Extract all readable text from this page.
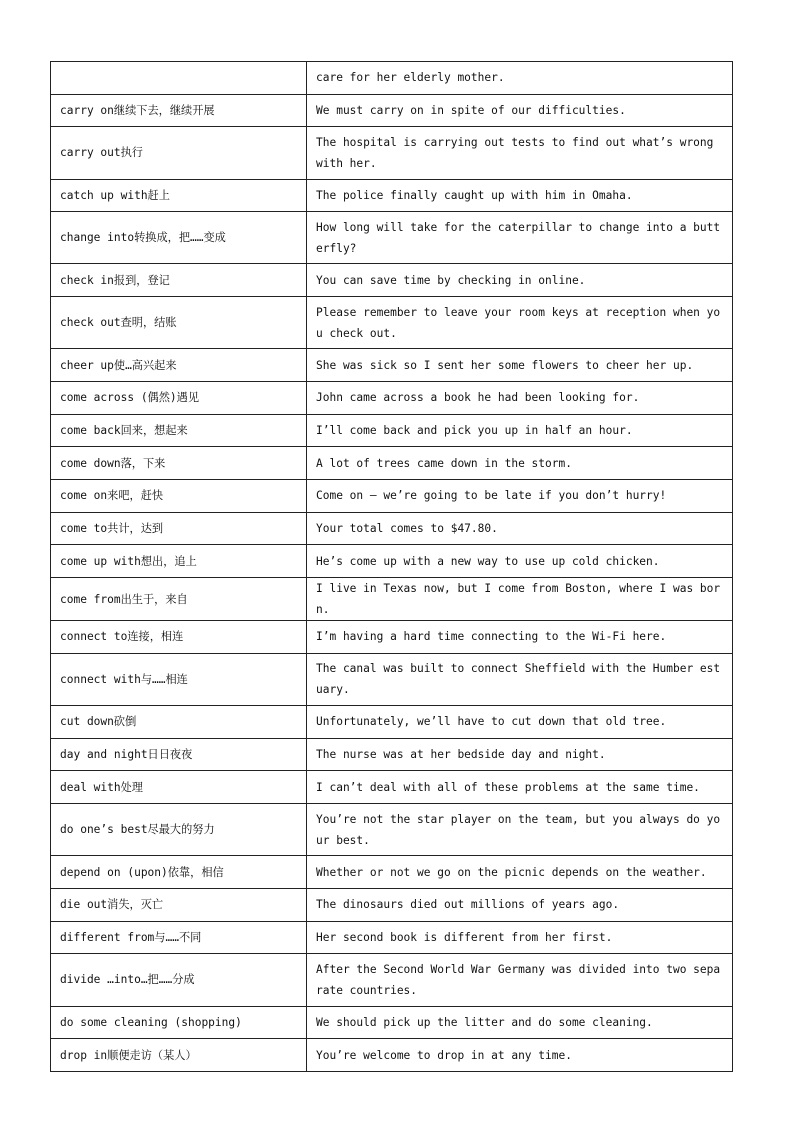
	care for her elderly mother.
carry on继续下去，继续开展	We must carry on in spite of our difficulties.
carry out执行	The hospital is carrying out tests to find out what’s wrong with her.
catch up with赶上	The police finally caught up with him in Omaha.
change into转换成，把……变成	How long will take for the caterpillar to change into a butterfly?
check in报到，登记	You can save time by checking in online.
check out查明，结账	Please remember to leave your room keys at reception when you check out.
cheer up使…高兴起来	She was sick so I sent her some flowers to cheer her up.
come across (偶然)遇见	John came across a book he had been looking for.
come back回来，想起来	I’ll come back and pick you up in half an hour.
come down落，下来	A lot of trees came down in the storm.
come on来吧，赶快	Come on – we’re going to be late if you don’t hurry!
come to共计，达到	Your total comes to $47.80.
come up with想出，追上	He’s come up with a new way to use up cold chicken.
come from出生于，来自	I live in Texas now, but I come from Boston, where I was born.
connect to连接，相连	I’m having a hard time connecting to the Wi-Fi here.
connect with与……相连	The canal was built to connect Sheffield with the Humber estuary.
cut down砍倒	Unfortunately, we’ll have to cut down that old tree.
day and night日日夜夜	The nurse was at her bedside day and night.
deal with处理	I can’t deal with all of these problems at the same time.
do one’s best尽最大的努力	You’re not the star player on the team, but you always do your best.
depend on (upon)依靠，相信	Whether or not we go on the picnic depends on the weather.
die out消失，灭亡	The dinosaurs died out millions of years ago.
different from与……不同	Her second book is different from her first.
divide …into…把……分成	After the Second World War Germany was divided into two separate countries.
do some cleaning (shopping)	We should pick up the litter and do some cleaning.
drop in顺便走访（某人）	You’re welcome to drop in at any time.
